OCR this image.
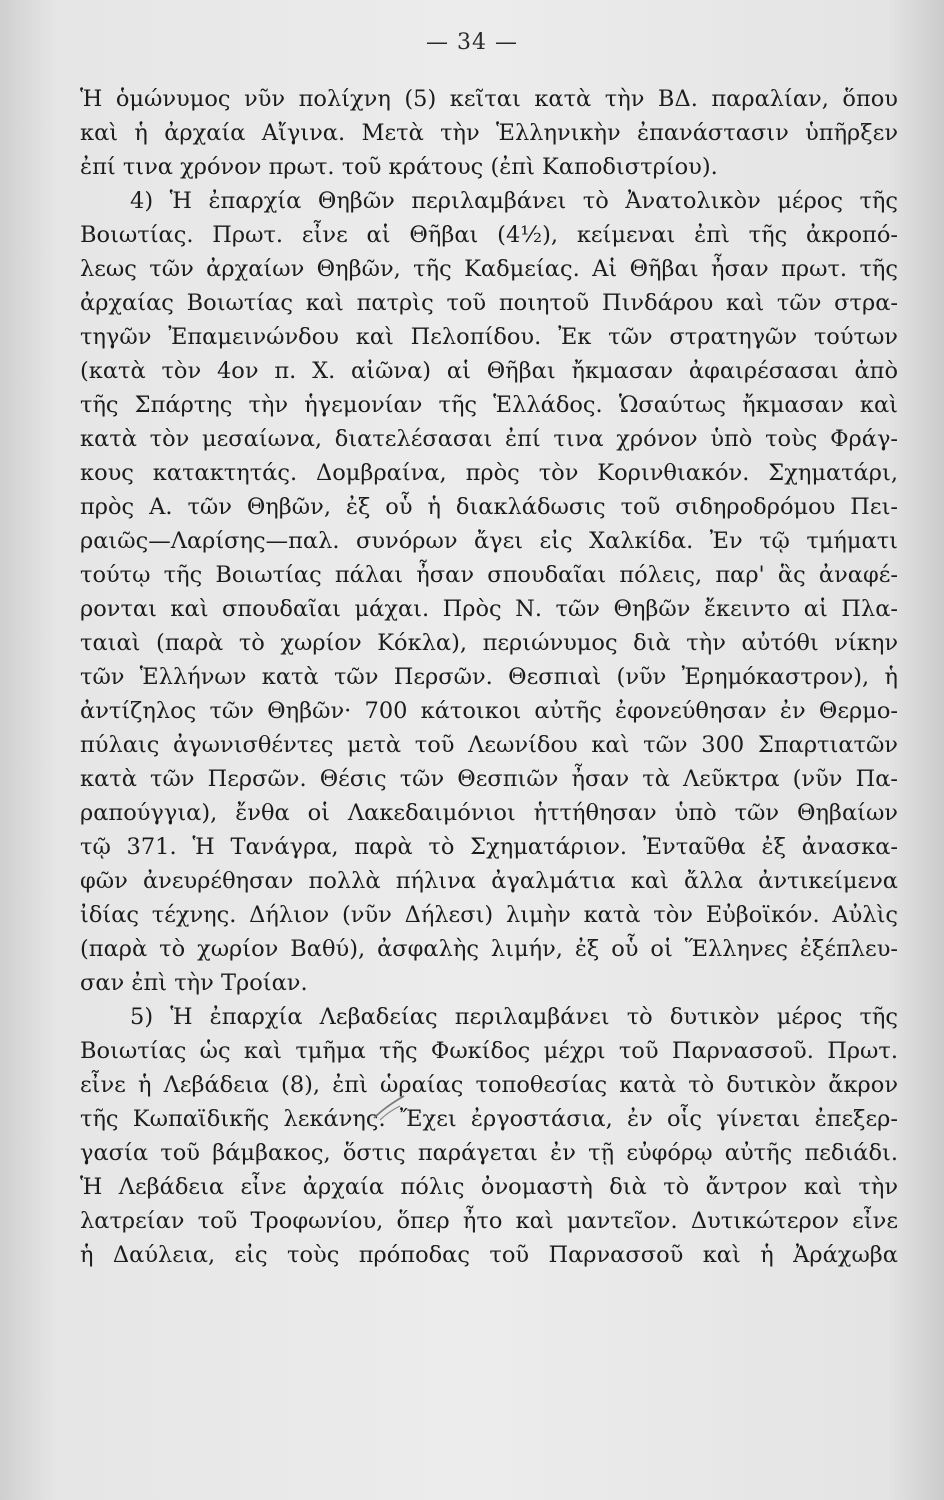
— 34 —
Ἡ ὁμώνυμος νῦν πολίχνη (5) κεῖται κατὰ τὴν ΒΔ. παραλίαν, ὅπου
καὶ ἡ ἀρχαία Αἴγινα. Μετὰ τὴν Ἑλληνικὴν ἐπανάστασιν ὑπῆρξεν
ἐπί τινα χρόνον πρωτ. τοῦ κράτους (ἐπὶ Καποδιστρίου).
4) Ἡ ἐπαρχία Θηβῶν περιλαμβάνει τὸ Ἀνατολικὸν μέρος τῆς
Βοιωτίας. Πρωτ. εἶνε αἱ Θῆβαι (4½), κείμεναι ἐπὶ τῆς ἀκροπό-
λεως τῶν ἀρχαίων Θηβῶν, τῆς Καδμείας. Αἱ Θῆβαι ἦσαν πρωτ. τῆς
ἀρχαίας Βοιωτίας καὶ πατρὶς τοῦ ποιητοῦ Πινδάρου καὶ τῶν στρα-
τηγῶν Ἐπαμεινώνδου καὶ Πελοπίδου. Ἐκ τῶν στρατηγῶν τούτων
(κατὰ τὸν 4ον π. Χ. αἰῶνα) αἱ Θῆβαι ἤκμασαν ἀφαιρέσασαι ἀπὸ
τῆς Σπάρτης τὴν ἡγεμονίαν τῆς Ἑλλάδος. Ὡσαύτως ἤκμασαν καὶ
κατὰ τὸν μεσαίωνα, διατελέσασαι ἐπί τινα χρόνον ὑπὸ τοὺς Φράγ-
κους κατακτητάς. Δομβραίνα, πρὸς τὸν Κορινθιακόν. Σχηματάρι,
πρὸς Α. τῶν Θηβῶν, ἐξ οὗ ἡ διακλάδωσις τοῦ σιδηροδρόμου Πει-
ραιῶς—Λαρίσης—παλ. συνόρων ἄγει εἰς Χαλκίδα. Ἐν τῷ τμήματι
τούτῳ τῆς Βοιωτίας πάλαι ἦσαν σπουδαῖαι πόλεις, παρ' ἃς ἀναφέ-
ρονται καὶ σπουδαῖαι μάχαι. Πρὸς Ν. τῶν Θηβῶν ἔκειντο αἱ Πλα-
ταιαὶ (παρὰ τὸ χωρίον Κόκλα), περιώνυμος διὰ τὴν αὐτόθι νίκην
τῶν Ἑλλήνων κατὰ τῶν Περσῶν. Θεσπιαὶ (νῦν Ἐρημόκαστρον), ἡ
ἀντίζηλος τῶν Θηβῶν· 700 κάτοικοι αὐτῆς ἐφονεύθησαν ἐν Θερμο-
πύλαις ἀγωνισθέντες μετὰ τοῦ Λεωνίδου καὶ τῶν 300 Σπαρτιατῶν
κατὰ τῶν Περσῶν. Θέσις τῶν Θεσπιῶν ἦσαν τὰ Λεῦκτρα (νῦν Πα-
ραπούγγια), ἔνθα οἱ Λακεδαιμόνιοι ἡττήθησαν ὑπὸ τῶν Θηβαίων
τῷ 371. Ἡ Τανάγρα, παρὰ τὸ Σχηματάριον. Ἐνταῦθα ἐξ ἀνασκα-
φῶν ἀνευρέθησαν πολλὰ πήλινα ἀγαλμάτια καὶ ἄλλα ἀντικείμενα
ἰδίας τέχνης. Δήλιον (νῦν Δήλεσι) λιμὴν κατὰ τὸν Εὐβοϊκόν. Αὐλὶς
(παρὰ τὸ χωρίον Βαθύ), ἀσφαλὴς λιμήν, ἐξ οὗ οἱ Ἕλληνες ἐξέπλευ-
σαν ἐπὶ τὴν Τροίαν.
5) Ἡ ἐπαρχία Λεβαδείας περιλαμβάνει τὸ δυτικὸν μέρος τῆς
Βοιωτίας ὡς καὶ τμῆμα τῆς Φωκίδος μέχρι τοῦ Παρνασσοῦ. Πρωτ.
εἶνε ἡ Λεβάδεια (8), ἐπὶ ὡραίας τοποθεσίας κατὰ τὸ δυτικὸν ἄκρον
τῆς Κωπαϊδικῆς λεκάνης. Ἔχει ἐργοστάσια, ἐν οἷς γίνεται ἐπεξερ-
γασία τοῦ βάμβακος, ὅστις παράγεται ἐν τῇ εὐφόρῳ αὐτῆς πεδιάδι.
Ἡ Λεβάδεια εἶνε ἀρχαία πόλις ὀνομαστὴ διὰ τὸ ἄντρον καὶ τὴν
λατρείαν τοῦ Τροφωνίου, ὅπερ ἦτο καὶ μαντεῖον. Δυτικώτερον εἶνε
ἡ Δαύλεια, εἰς τοὺς πρόποδας τοῦ Παρνασσοῦ καὶ ἡ Ἀράχωβα
